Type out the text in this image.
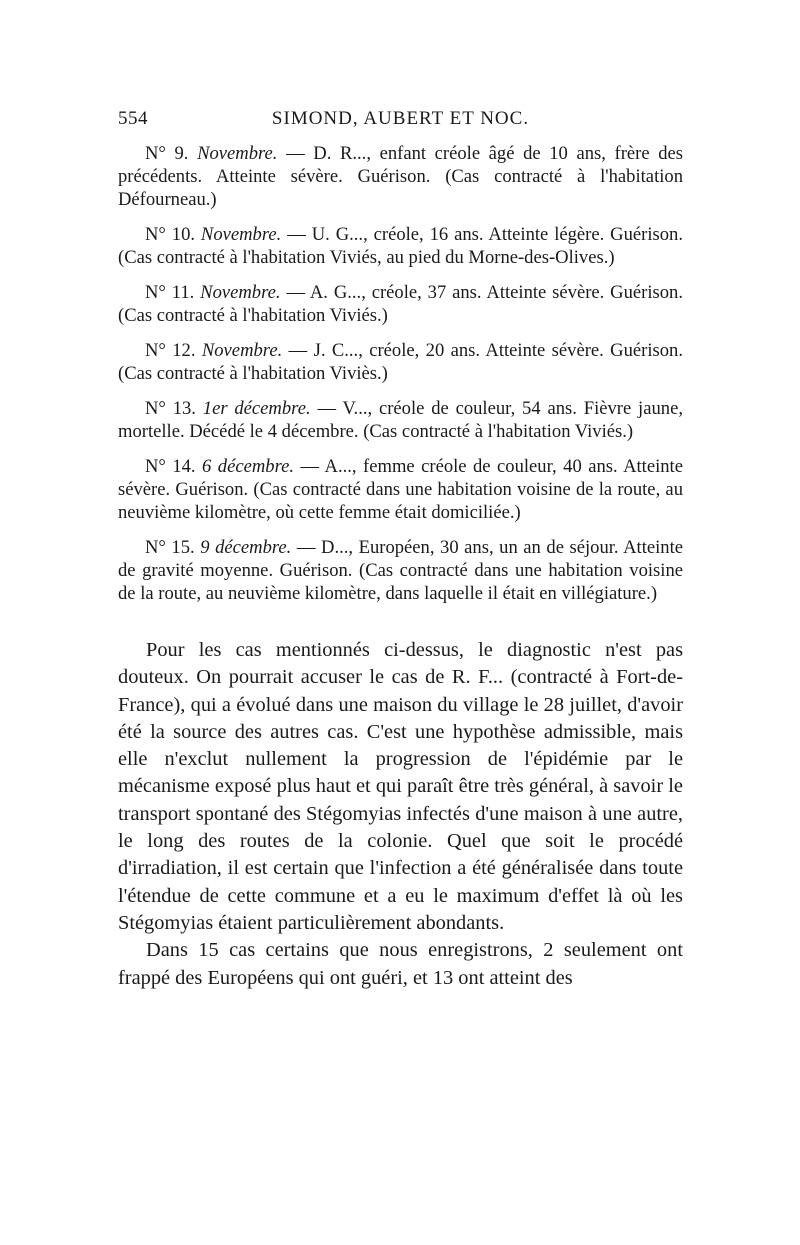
554	SIMOND, AUBERT ET NOC.

N° 9. Novembre. — D. R..., enfant créole âgé de 10 ans, frère des précédents. Atteinte sévère. Guérison. (Cas contracté à l'habitation Défourneau.)

N° 10. Novembre. — U. G..., créole, 16 ans. Atteinte légère. Guérison. (Cas contracté à l'habitation Viviés, au pied du Morne-des-Olives.)

N° 11. Novembre. — A. G..., créole, 37 ans. Atteinte sévère. Guérison. (Cas contracté à l'habitation Viviés.)

N° 12. Novembre. — J. C..., créole, 20 ans. Atteinte sévère. Guérison. (Cas contracté à l'habitation Viviès.)

N° 13. 1er décembre. — V..., créole de couleur, 54 ans. Fièvre jaune, mortelle. Décédé le 4 décembre. (Cas contracté à l'habitation Viviés.)

N° 14. 6 décembre. — A..., femme créole de couleur, 40 ans. Atteinte sévère. Guérison. (Cas contracté dans une habitation voisine de la route, au neuvième kilomètre, où cette femme était domiciliée.)

N° 15. 9 décembre. — D..., Européen, 30 ans, un an de séjour. Atteinte de gravité moyenne. Guérison. (Cas contracté dans une habitation voisine de la route, au neuvième kilomètre, dans laquelle il était en villégiature.)

Pour les cas mentionnés ci-dessus, le diagnostic n'est pas douteux. On pourrait accuser le cas de R. F... (contracté à Fort-de-France), qui a évolué dans une maison du village le 28 juillet, d'avoir été la source des autres cas. C'est une hypothèse admissible, mais elle n'exclut nullement la progression de l'épidémie par le mécanisme exposé plus haut et qui paraît être très général, à savoir le transport spontané des Stégomyias infectés d'une maison à une autre, le long des routes de la colonie. Quel que soit le procédé d'irradiation, il est certain que l'infection a été généralisée dans toute l'étendue de cette commune et a eu le maximum d'effet là où les Stégomyias étaient particulièrement abondants.

Dans 15 cas certains que nous enregistrons, 2 seulement ont frappé des Européens qui ont guéri, et 13 ont atteint des
